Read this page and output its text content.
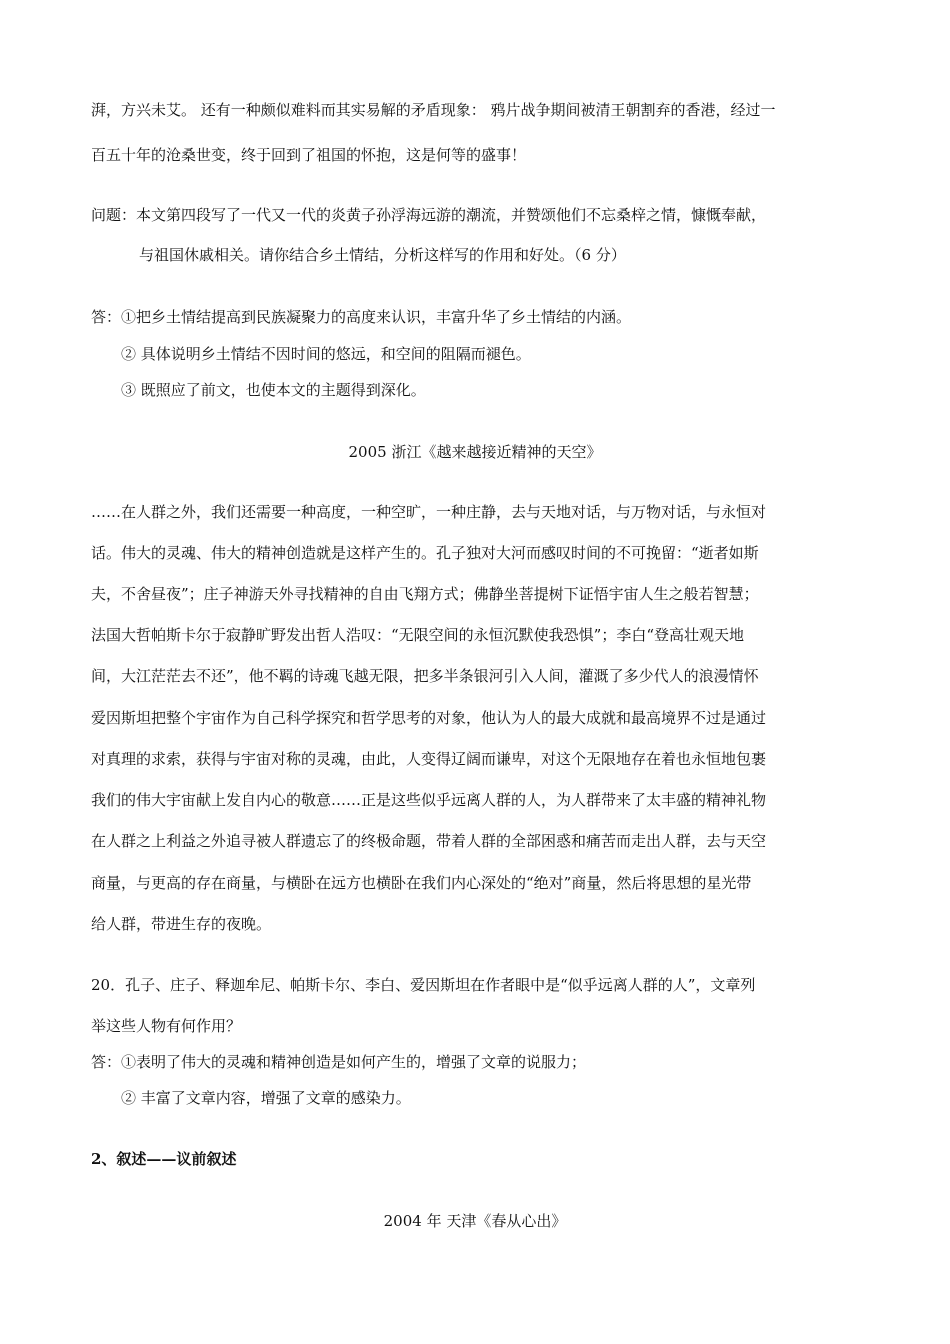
湃，方兴未艾。 还有一种颇似难料而其实易解的矛盾现象： 鸦片战争期间被清王朝割弃的香港，经过一
百五十年的沧桑世变，终于回到了祖国的怀抱，这是何等的盛事！
问题：本文第四段写了一代又一代的炎黄子孙浮海远游的潮流，并赞颂他们不忘桑梓之情，慷慨奉献，
与祖国休戚相关。请你结合乡土情结，分析这样写的作用和好处。（6 分）
答：①把乡土情结提高到民族凝聚力的高度来认识，丰富升华了乡土情结的内涵。
② 具体说明乡土情结不因时间的悠远，和空间的阻隔而褪色。
③ 既照应了前文，也使本文的主题得到深化。
2005 浙江《越来越接近精神的天空》
……在人群之外，我们还需要一种高度，一种空旷，一种庄静，去与天地对话，与万物对话，与永恒对
话。伟大的灵魂、伟大的精神创造就是这样产生的。孔子独对大河而感叹时间的不可挽留：“逝者如斯
夫，不舍昼夜”；庄子神游天外寻找精神的自由飞翔方式；佛静坐菩提树下证悟宇宙人生之般若智慧；
法国大哲帕斯卡尔于寂静旷野发出哲人浩叹：“无限空间的永恒沉默使我恐惧”；李白“登高壮观天地
间，大江茫茫去不还”，他不羁的诗魂飞越无限，把多半条银河引入人间，灌溉了多少代人的浪漫情怀
爱因斯坦把整个宇宙作为自己科学探究和哲学思考的对象，他认为人的最大成就和最高境界不过是通过
对真理的求索，获得与宇宙对称的灵魂，由此，人变得辽阔而谦卑，对这个无限地存在着也永恒地包裹
我们的伟大宇宙献上发自内心的敬意……正是这些似乎远离人群的人，为人群带来了太丰盛的精神礼物
在人群之上利益之外追寻被人群遗忘了的终极命题，带着人群的全部困惑和痛苦而走出人群，去与天空
商量，与更高的存在商量，与横卧在远方也横卧在我们内心深处的“绝对”商量，然后将思想的星光带
给人群，带进生存的夜晚。
20．孔子、庄子、释迦牟尼、帕斯卡尔、李白、爱因斯坦在作者眼中是“似乎远离人群的人”，文章列
举这些人物有何作用？
答：①表明了伟大的灵魂和精神创造是如何产生的，增强了文章的说服力；
② 丰富了文章内容，增强了文章的感染力。
2、叙述——议前叙述
2004 年 天津《春从心出》
